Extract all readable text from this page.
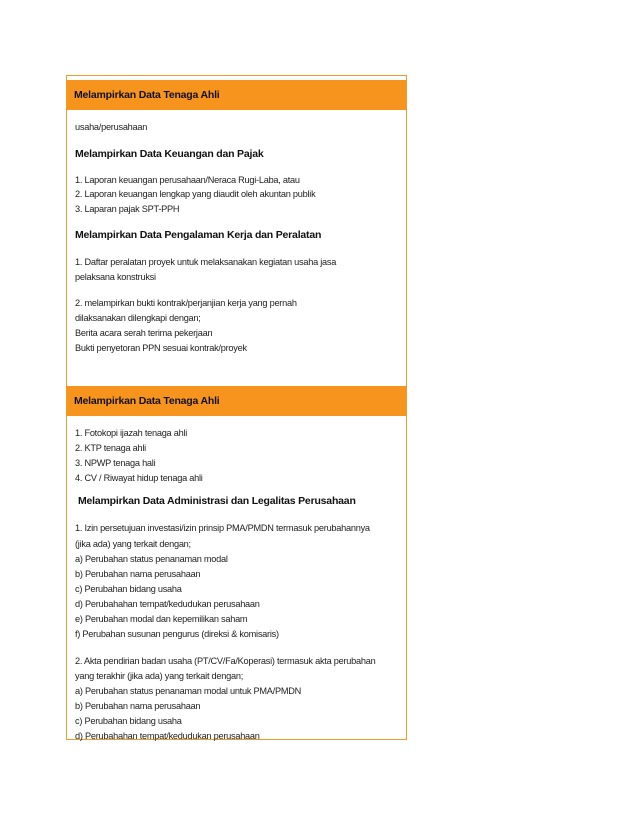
Melampirkan Data Tenaga Ahli
usaha/perusahaan
Melampirkan Data Keuangan dan Pajak
1. Laporan keuangan perusahaan/Neraca Rugi-Laba, atau
2. Laporan keuangan lengkap yang diaudit oleh akuntan publik
3. Laparan pajak SPT-PPH
Melampirkan Data Pengalaman Kerja dan Peralatan
1. Daftar peralatan proyek untuk melaksanakan kegiatan usaha jasa
pelaksana konstruksi
2. melampirkan bukti kontrak/perjanjian kerja yang pernah
dilaksanakan dilengkapi dengan;
Berita acara serah terima pekerjaan
Bukti penyetoran PPN sesuai kontrak/proyek
Melampirkan Data Tenaga Ahli
1. Fotokopi ijazah tenaga ahli
2. KTP tenaga ahli
3. NPWP tenaga hali
4. CV / Riwayat hidup tenaga ahli
Melampirkan Data Administrasi dan Legalitas Perusahaan
1. Izin persetujuan investasi/izin prinsip PMA/PMDN termasuk perubahannya
(jika ada) yang terkait dengan;
a) Perubahan status penanaman modal
b) Perubahan nama perusahaan
c) Perubahan bidang usaha
d) Perubahahan tempat/kedudukan perusahaan
e) Perubahan modal dan kepemilikan saham
f) Perubahan susunan pengurus (direksi & komisaris)
2. Akta pendirian badan usaha (PT/CV/Fa/Koperasi) termasuk akta perubahan
yang terakhir (jika ada) yang terkait dengan;
a) Perubahan status penanaman modal untuk PMA/PMDN
b) Perubahan nama perusahaan
c) Perubahan bidang usaha
d) Perubahahan tempat/kedudukan perusahaan
